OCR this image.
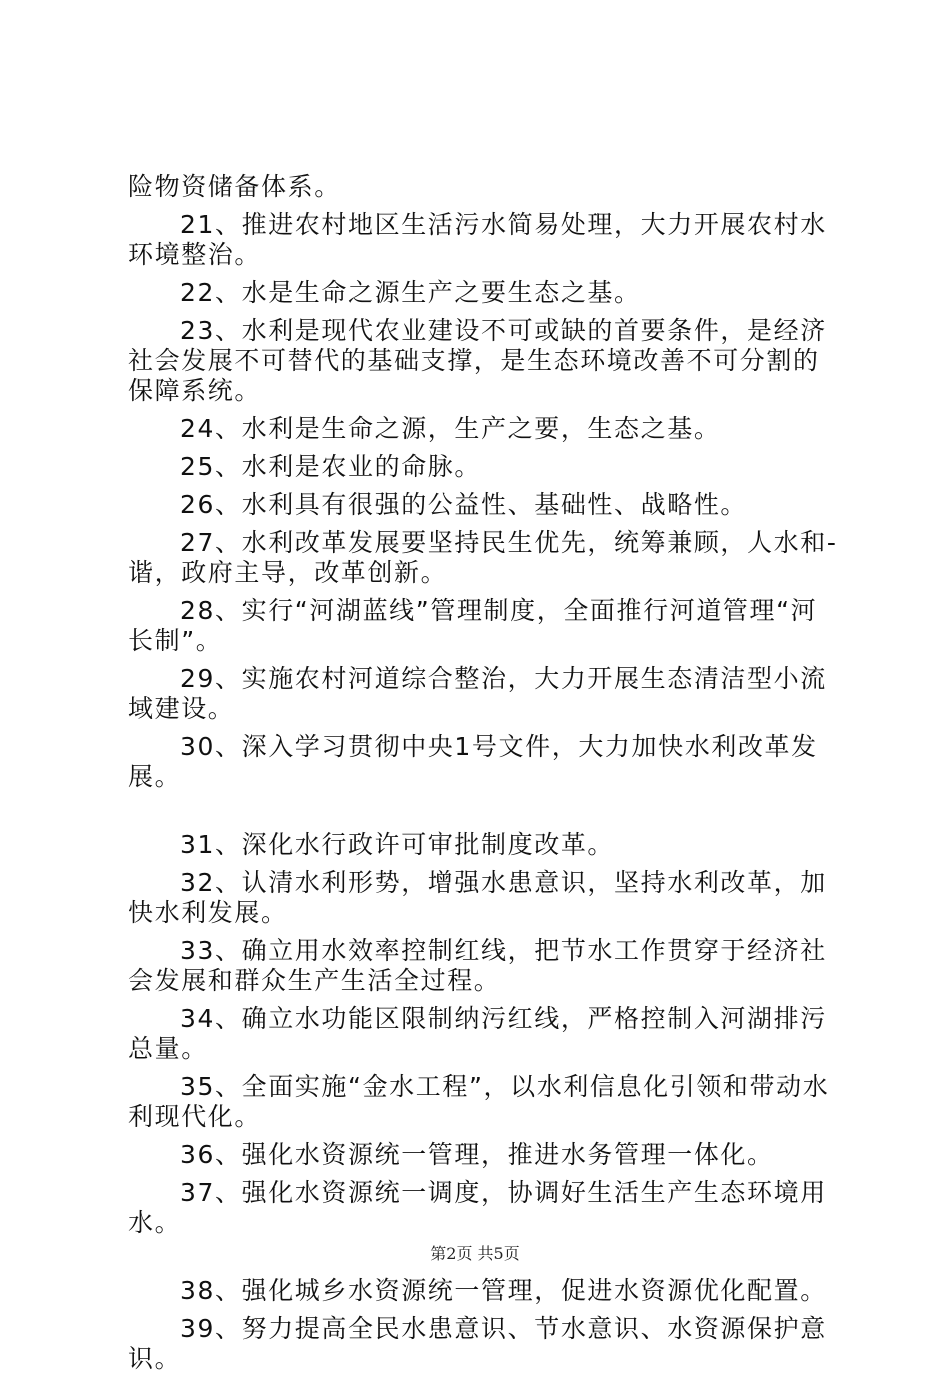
险物资储备体系。

21、推进农村地区生活污水简易处理，大力开展农村水环境整治。

22、水是生命之源生产之要生态之基。

23、水利是现代农业建设不可或缺的首要条件，是经济社会发展不可替代的基础支撑，是生态环境改善不可分割的保障系统。

24、水利是生命之源，生产之要，生态之基。

25、水利是农业的命脉。

26、水利具有很强的公益性、基础性、战略性。

27、水利改革发展要坚持民生优先，统筹兼顾，人水和-谐，政府主导，改革创新。

28、实行“河湖蓝线”管理制度，全面推行河道管理“河长制”。

29、实施农村河道综合整治，大力开展生态清洁型小流域建设。

30、深入学习贯彻中央1号文件，大力加快水利改革发展。

31、深化水行政许可审批制度改革。

32、认清水利形势，增强水患意识，坚持水利改革，加快水利发展。

33、确立用水效率控制红线，把节水工作贯穿于经济社会发展和群众生产生活全过程。

34、确立水功能区限制纳污红线，严格控制入河湖排污总量。

35、全面实施“金水工程”，以水利信息化引领和带动水利现代化。

36、强化水资源统一管理，推进水务管理一体化。

37、强化水资源统一调度，协调好生活生产生态环境用水。

38、强化城乡水资源统一管理，促进水资源优化配置。

39、努力提高全民水患意识、节水意识、水资源保护意识。

第2页 共5页
